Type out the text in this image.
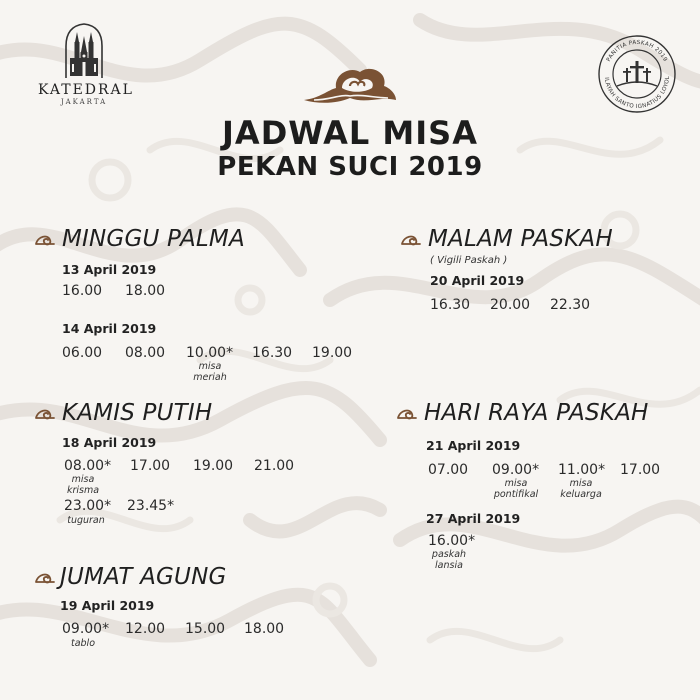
KATEDRAL
JAKARTA
PANITIA PASKAH 2019
ILAYAH SANTO IGNATIUS LOYOL
JADWAL MISA
PEKAN SUCI 2019
MINGGU PALMA
13 April 2019
16.00 18.00
14 April 2019
06.00 08.00 10.00*
misa
meriah
16.30 19.00
MALAM PASKAH
( Vigili Paskah )
20 April 2019
16.30 20.00 22.30
KAMIS PUTIH
18 April 2019
08.00*
misa
krisma
17.00 19.00 21.00
23.00*
tuguran
23.45*
HARI RAYA PASKAH
21 April 2019
07.00 09.00*
misa
pontifikal
11.00*
misa
keluarga
17.00
27 April 2019
16.00*
paskah
lansia
JUMAT AGUNG
19 April 2019
09.00*
tablo
12.00 15.00 18.00
